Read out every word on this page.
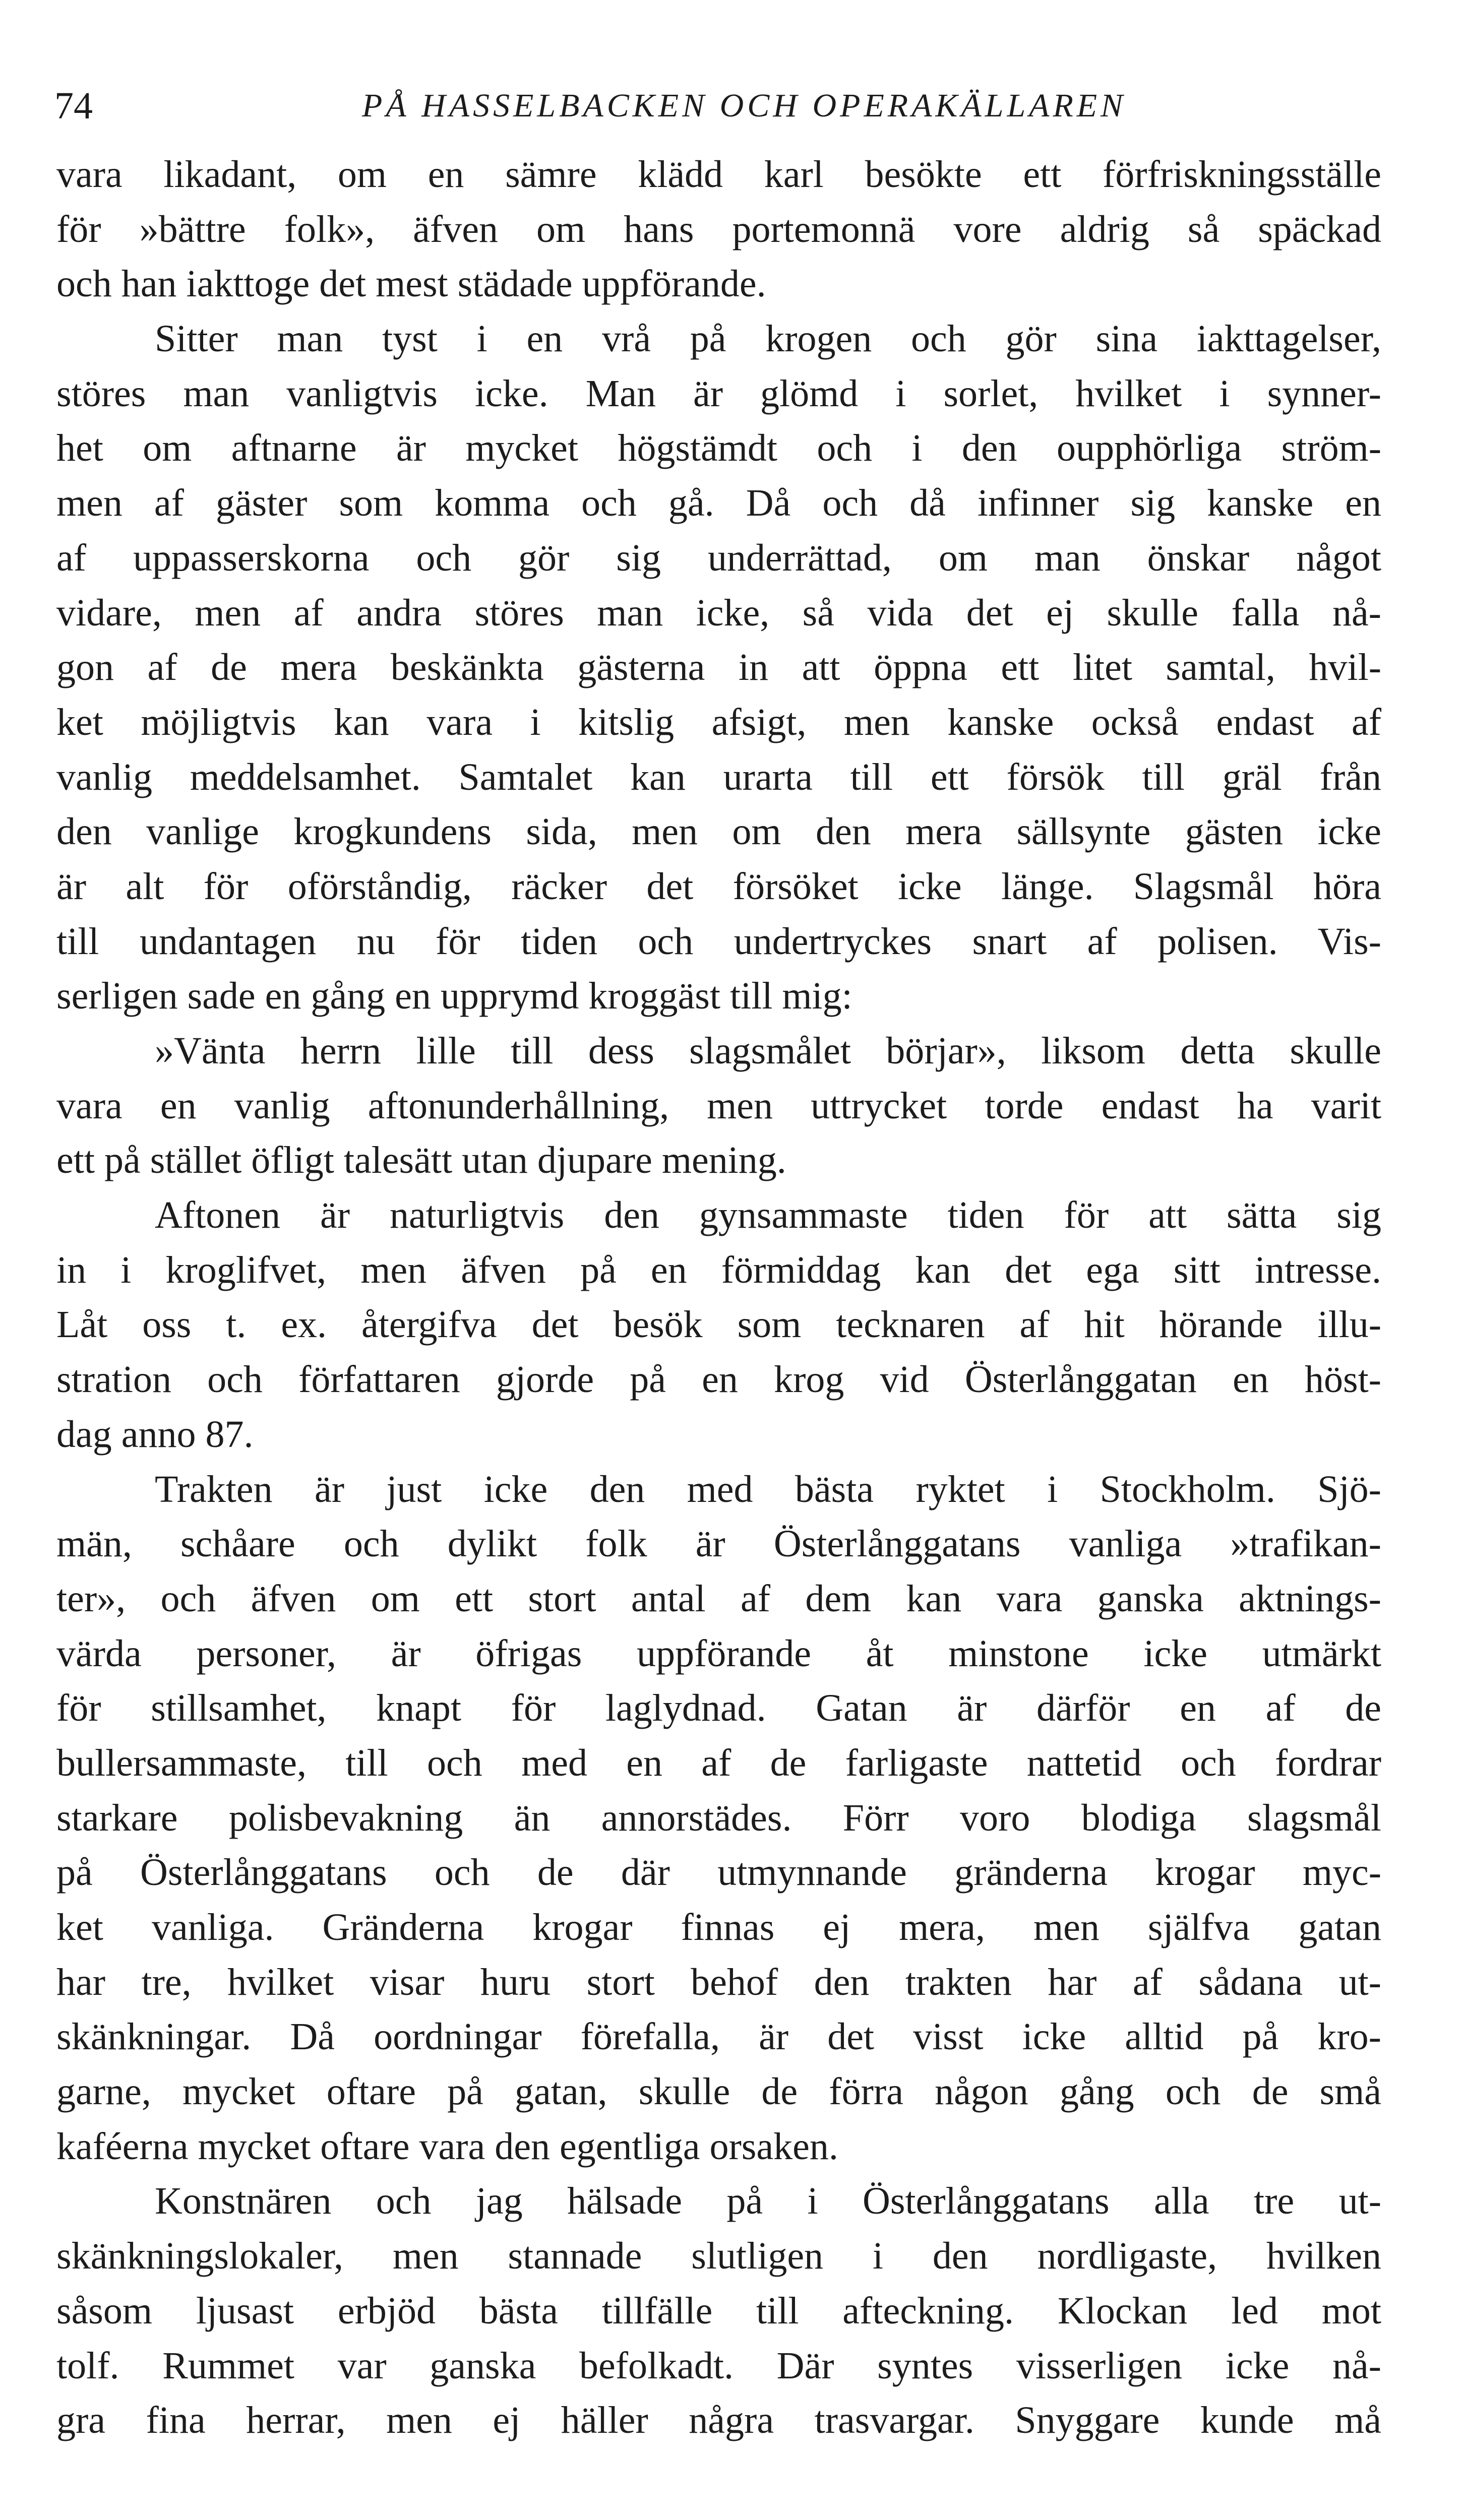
74	PÅ HASSELBACKEN OCH OPERAKÄLLAREN
vara likadant, om en sämre klädd karl besökte ett förfriskningsställe
för »bättre folk», äfven om hans portemonnä vore aldrig så späckad
och han iakttoge det mest städade uppförande.
Sitter man tyst i en vrå på krogen och gör sina iakttagelser,
störes man vanligtvis icke. Man är glömd i sorlet, hvilket i synner-
het om aftnarne är mycket högstämdt och i den oupphörliga ström-
men af gäster som komma och gå. Då och då infinner sig kanske en
af uppasserskorna och gör sig underrättad, om man önskar något
vidare, men af andra störes man icke, så vida det ej skulle falla nå-
gon af de mera beskänkta gästerna in att öppna ett litet samtal, hvil-
ket möjligtvis kan vara i kitslig afsigt, men kanske också endast af
vanlig meddelsamhet. Samtalet kan urarta till ett försök till gräl från
den vanlige krogkundens sida, men om den mera sällsynte gästen icke
är alt för oförståndig, räcker det försöket icke länge. Slagsmål höra
till undantagen nu för tiden och undertryckes snart af polisen. Vis-
serligen sade en gång en upprymd kroggäst till mig:
»Vänta herrn lille till dess slagsmålet börjar», liksom detta skulle
vara en vanlig aftonunderhållning, men uttrycket torde endast ha varit
ett på stället öfligt talesätt utan djupare mening.
Aftonen är naturligtvis den gynsammaste tiden för att sätta sig
in i kroglifvet, men äfven på en förmiddag kan det ega sitt intresse.
Låt oss t. ex. återgifva det besök som tecknaren af hit hörande illu-
stration och författaren gjorde på en krog vid Österlånggatan en höst-
dag anno 87.
Trakten är just icke den med bästa ryktet i Stockholm. Sjö-
män, schåare och dylikt folk är Österlånggatans vanliga »trafikan-
ter», och äfven om ett stort antal af dem kan vara ganska aktnings-
värda personer, är öfrigas uppförande åt minstone icke utmärkt
för stillsamhet, knapt för laglydnad. Gatan är därför en af de
bullersammaste, till och med en af de farligaste nattetid och fordrar
starkare polisbevakning än annorstädes. Förr voro blodiga slagsmål
på Österlånggatans och de där utmynnande gränderna krogar myc-
ket vanliga. Gränderna krogar finnas ej mera, men själfva gatan
har tre, hvilket visar huru stort behof den trakten har af sådana ut-
skänkningar. Då oordningar förefalla, är det visst icke alltid på kro-
garne, mycket oftare på gatan, skulle de förra någon gång och de små
kaféerna mycket oftare vara den egentliga orsaken.
Konstnären och jag hälsade på i Österlånggatans alla tre ut-
skänkningslokaler, men stannade slutligen i den nordligaste, hvilken
såsom ljusast erbjöd bästa tillfälle till afteckning. Klockan led mot
tolf. Rummet var ganska befolkadt. Där syntes visserligen icke nå-
gra fina herrar, men ej häller några trasvargar. Snyggare kunde må
